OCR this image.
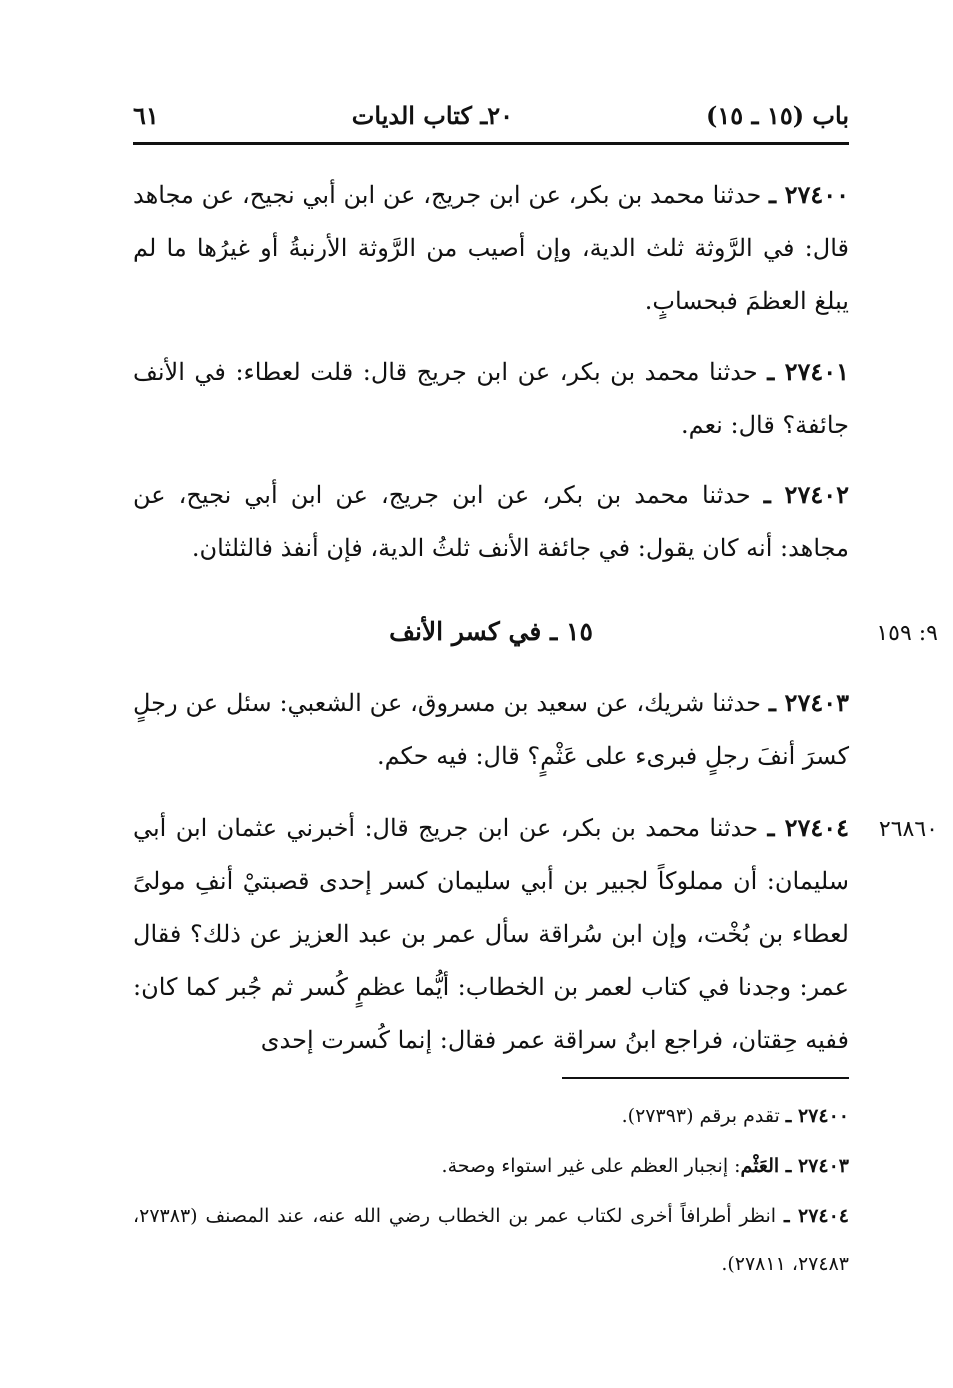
باب (١٥ ـ ١٥)
٢٠ـ كتاب الديات
٦١

٢٧٤٠٠ ـ حدثنا محمد بن بكر، عن ابن جريج، عن ابن أبي نجيح، عن مجاهد قال: في الرَّوثة ثلث الدية، وإن أصيب من الرَّوثة الأرنبةُ أو غيرُها ما لم يبلغ العظمَ فبحسابٍ.

٢٧٤٠١ ـ حدثنا محمد بن بكر، عن ابن جريج قال: قلت لعطاء: في الأنف جائفة؟ قال: نعم.

٢٧٤٠٢ ـ حدثنا محمد بن بكر، عن ابن جريج، عن ابن أبي نجيح، عن مجاهد: أنه كان يقول: في جائفة الأنف ثلثُ الدية، فإن أنفذ فالثلثان.

١٥ ـ في كسر الأنف	٩: ١٥٩

٢٧٤٠٣ ـ حدثنا شريك، عن سعيد بن مسروق، عن الشعبي: سئل عن رجلٍ كسرَ أنفَ رجلٍ فبرىء على عَثْمٍ؟ قال: فيه حكم.

٢٦٨٦٠

٢٧٤٠٤ ـ حدثنا محمد بن بكر، عن ابن جريج قال: أخبرني عثمان ابن أبي سليمان: أن مملوكاً لجبير بن أبي سليمان كسر إحدى قصبتيْ أنفِ مولىً لعطاء بن بُخْت، وإن ابن سُراقة سأل عمر بن عبد العزيز عن ذلك؟ فقال عمر: وجدنا في كتاب لعمر بن الخطاب: أيُّما عظمٍ كُسر ثم جُبر كما كان: ففيه حِقتان، فراجع ابنُ سراقة عمر فقال: إنما كُسرت إحدى

٢٧٤٠٠ ـ تقدم برقم (٢٧٣٩٣).

٢٧٤٠٣ ـ العَثْم: إنجبار العظم على غير استواء وصحة.

٢٧٤٠٤ ـ انظر أطرافاً أخرى لكتاب عمر بن الخطاب رضي الله عنه، عند المصنف (٢٧٣٨٣، ٢٧٤٨٣، ٢٧٨١١).
